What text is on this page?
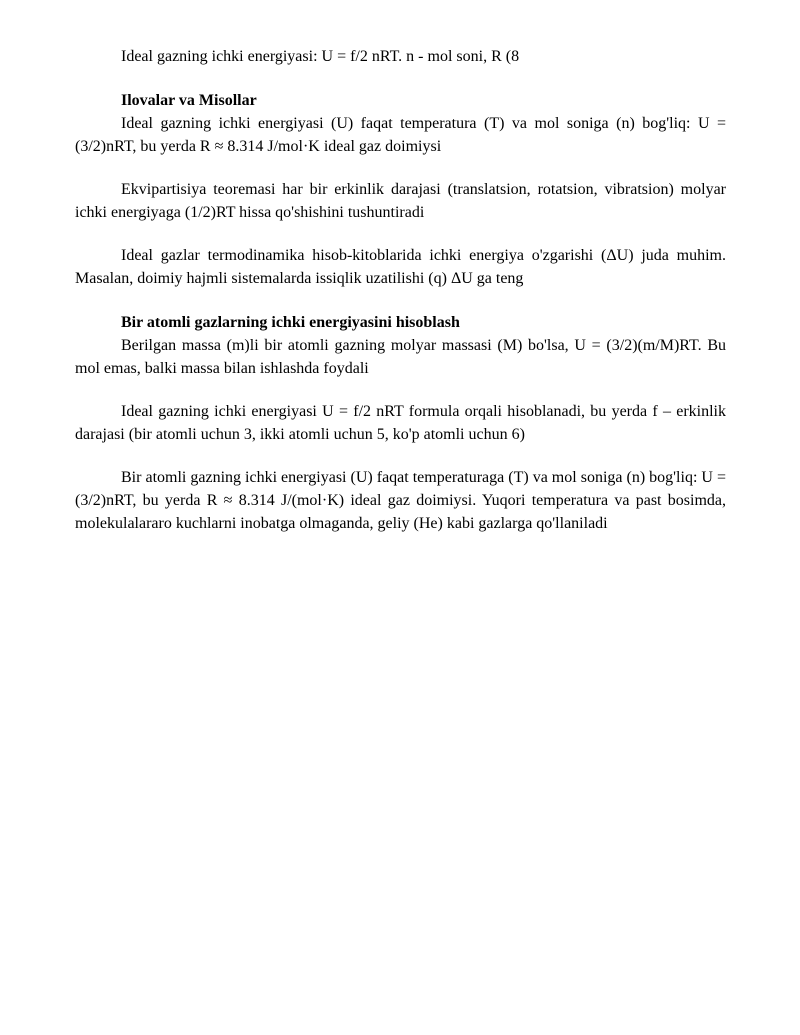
Ideal gazning ichki energiyasi: U = f/2 nRT. n - mol soni, R (8

Ilovalar va Misollar

Ideal gazning ichki energiyasi (U) faqat temperatura (T) va mol soniga (n) bog'liq: U = (3/2)nRT, bu yerda R ≈ 8.314 J/mol·K ideal gaz doimiysi

Ekvipartisiya teoremasi har bir erkinlik darajasi (translatsion, rotatsion, vibratsion) molyar ichki energiyaga (1/2)RT hissa qo'shishini tushuntiradi

Ideal gazlar termodinamika hisob-kitoblarida ichki energiya o'zgarishi (ΔU) juda muhim. Masalan, doimiy hajmli sistemalarda issiqlik uzatilishi (q) ΔU ga teng

Bir atomli gazlarning ichki energiyasini hisoblash

Berilgan massa (m)li bir atomli gazning molyar massasi (M) bo'lsa, U = (3/2)(m/M)RT. Bu mol emas, balki massa bilan ishlashda foydali

Ideal gazning ichki energiyasi U = f/2 nRT formula orqali hisoblanadi, bu yerda f – erkinlik darajasi (bir atomli uchun 3, ikki atomli uchun 5, ko'p atomli uchun 6)

Bir atomli gazning ichki energiyasi (U) faqat temperaturaga (T) va mol soniga (n) bog'liq: U = (3/2)nRT, bu yerda R ≈ 8.314 J/(mol·K) ideal gaz doimiysi. Yuqori temperatura va past bosimda, molekulalararo kuchlarni inobatga olmaganda, geliy (He) kabi gazlarga qo'llaniladi
